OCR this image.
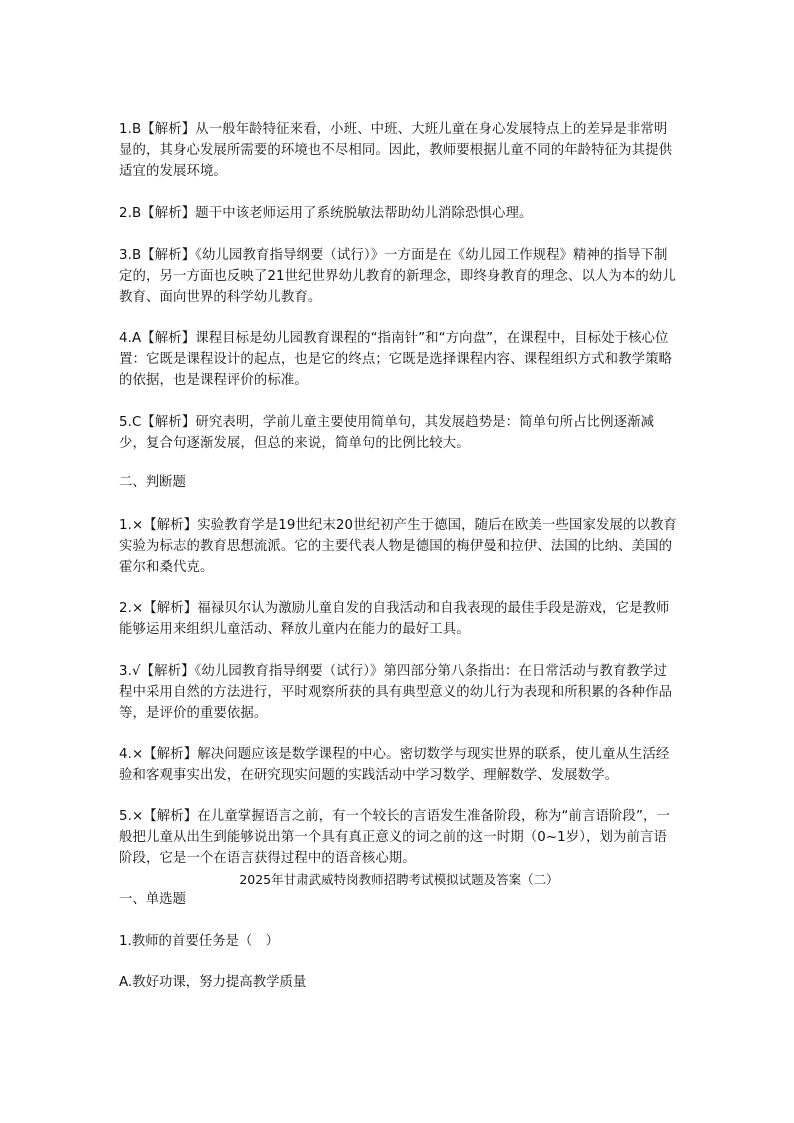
1.B【解析】从一般年龄特征来看，小班、中班、大班儿童在身心发展特点上的差异是非常明显的，其身心发展所需要的环境也不尽相同。因此，教师要根据儿童不同的年龄特征为其提供适宜的发展环境。

2.B【解析】题干中该老师运用了系统脱敏法帮助幼儿消除恐惧心理。

3.B【解析】《幼儿园教育指导纲要（试行）》一方面是在《幼儿园工作规程》精神的指导下制定的，另一方面也反映了21世纪世界幼儿教育的新理念，即终身教育的理念、以人为本的幼儿教育、面向世界的科学幼儿教育。

4.A【解析】课程目标是幼儿园教育课程的“指南针”和“方向盘”，在课程中，目标处于核心位置：它既是课程设计的起点，也是它的终点；它既是选择课程内容、课程组织方式和教学策略的依据，也是课程评价的标准。

5.C【解析】研究表明，学前儿童主要使用简单句，其发展趋势是：简单句所占比例逐渐减少，复合句逐渐发展，但总的来说，简单句的比例比较大。

二、判断题

1.×【解析】实验教育学是19世纪末20世纪初产生于德国，随后在欧美一些国家发展的以教育实验为标志的教育思想流派。它的主要代表人物是德国的梅伊曼和拉伊、法国的比纳、美国的霍尔和桑代克。

2.×【解析】福禄贝尔认为激励儿童自发的自我活动和自我表现的最佳手段是游戏，它是教师能够运用来组织儿童活动、释放儿童内在能力的最好工具。

3.√【解析】《幼儿园教育指导纲要（试行）》第四部分第八条指出：在日常活动与教育教学过程中采用自然的方法进行，平时观察所获的具有典型意义的幼儿行为表现和所积累的各种作品等，是评价的重要依据。

4.×【解析】解决问题应该是数学课程的中心。密切数学与现实世界的联系，使儿童从生活经验和客观事实出发，在研究现实问题的实践活动中学习数学、理解数学、发展数学。

5.×【解析】在儿童掌握语言之前，有一个较长的言语发生准备阶段，称为“前言语阶段”，一般把儿童从出生到能够说出第一个具有真正意义的词之前的这一时期（0~1岁），划为前言语阶段，它是一个在语言获得过程中的语音核心期。

2025年甘肃武威特岗教师招聘考试模拟试题及答案（二）

一、单选题

1.教师的首要任务是（　）

A.教好功课，努力提高教学质量
